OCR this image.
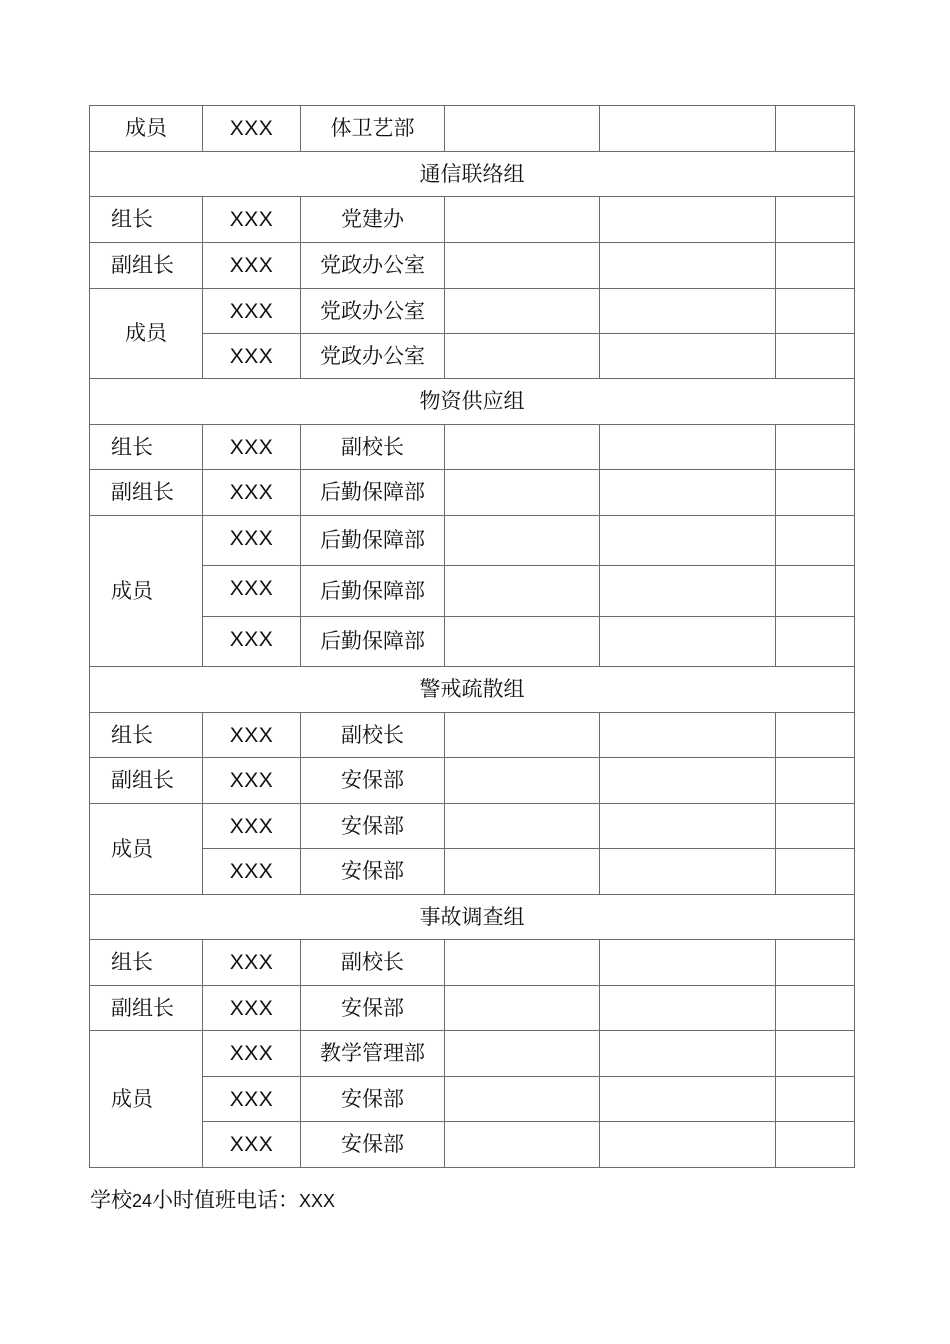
成员	XXX	体卫艺部			
通信联络组					
组长	XXX	党建办			
副组长	XXX	党政办公室			
成员	XXX	党政办公室			
	XXX	党政办公室			
物资供应组					
组长	XXX	副校长			
副组长	XXX	后勤保障部			
成员	XXX	后勤保障部			
	XXX	后勤保障部			
	XXX	后勤保障部			
警戒疏散组					
组长	XXX	副校长			
副组长	XXX	安保部			
成员	XXX	安保部			
	XXX	安保部			
事故调查组					
组长	XXX	副校长			
副组长	XXX	安保部			
成员	XXX	教学管理部			
	XXX	安保部			
	XXX	安保部			
学校24小时值班电话：XXX
